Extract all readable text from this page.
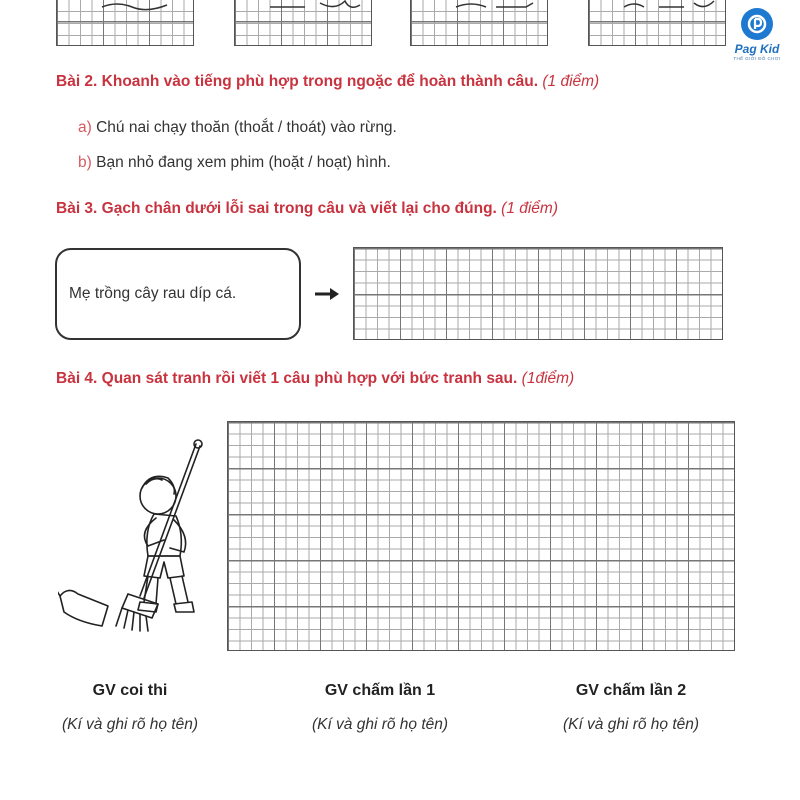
Pag Kid
THẾ GIỚI ĐỒ CHƠI
Bài 2. Khoanh vào tiếng phù hợp trong ngoặc để hoàn thành câu. (1 điểm)
a) Chú nai chạy thoăn (thoắt / thoát) vào rừng.
b) Bạn nhỏ đang xem phim (hoặt / hoạt) hình.
Bài 3. Gạch chân dưới lỗi sai trong câu và viết lại cho đúng. (1 điểm)
Mẹ trồng cây rau díp cá.
Bài 4. Quan sát tranh rồi viết 1 câu phù hợp với bức tranh sau. (1điểm)
GV coi thi
(Kí và ghi rõ họ tên)
GV chấm lần 1
(Kí và ghi rõ họ tên)
GV chấm lần 2
(Kí và ghi rõ họ tên)
